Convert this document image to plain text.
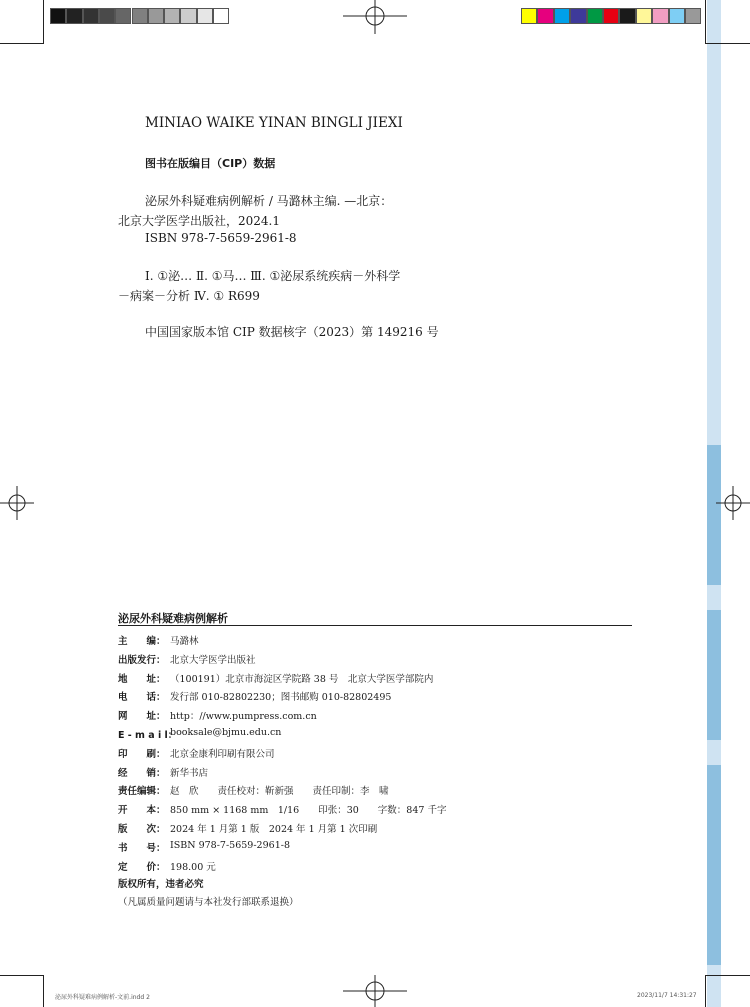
MINIAO WAIKE YINAN BINGLI JIEXI
图书在版编目（CIP）数据
泌尿外科疑难病例解析 / 马潞林主编. —北京：
北京大学医学出版社，2024.1
ISBN 978-7-5659-2961-8
Ⅰ. ①泌… Ⅱ. ①马… Ⅲ. ①泌尿系统疾病－外科学
－病案－分析 Ⅳ. ① R699
中国国家版本馆 CIP 数据核字（2023）第 149216 号
泌尿外科疑难病例解析
主　　编： 马潞林
出版发行： 北京大学医学出版社
地　　址： （100191）北京市海淀区学院路 38 号　北京大学医学部院内
电　　话： 发行部 010-82802230；图书邮购 010-82802495
网　　址： http：//www.pumpress.com.cn
E - m a i l：
booksale@bjmu.edu.cn
印　　刷： 北京金康利印刷有限公司
经　　销： 新华书店
责任编辑： 赵　欣　　责任校对：靳新强　　责任印制：李　啸
开　　本： 850 mm × 1168 mm　1/16　　印张：30　　字数：847 千字
版　　次： 2024 年 1 月第 1 版　2024 年 1 月第 1 次印刷
书　　号： ISBN 978-7-5659-2961-8
定　　价： 198.00 元
版权所有，违者必究
（凡属质量问题请与本社发行部联系退换）
泌尿外科疑难病例解析-文前.indd 2	2023/11/7 14:31:27
